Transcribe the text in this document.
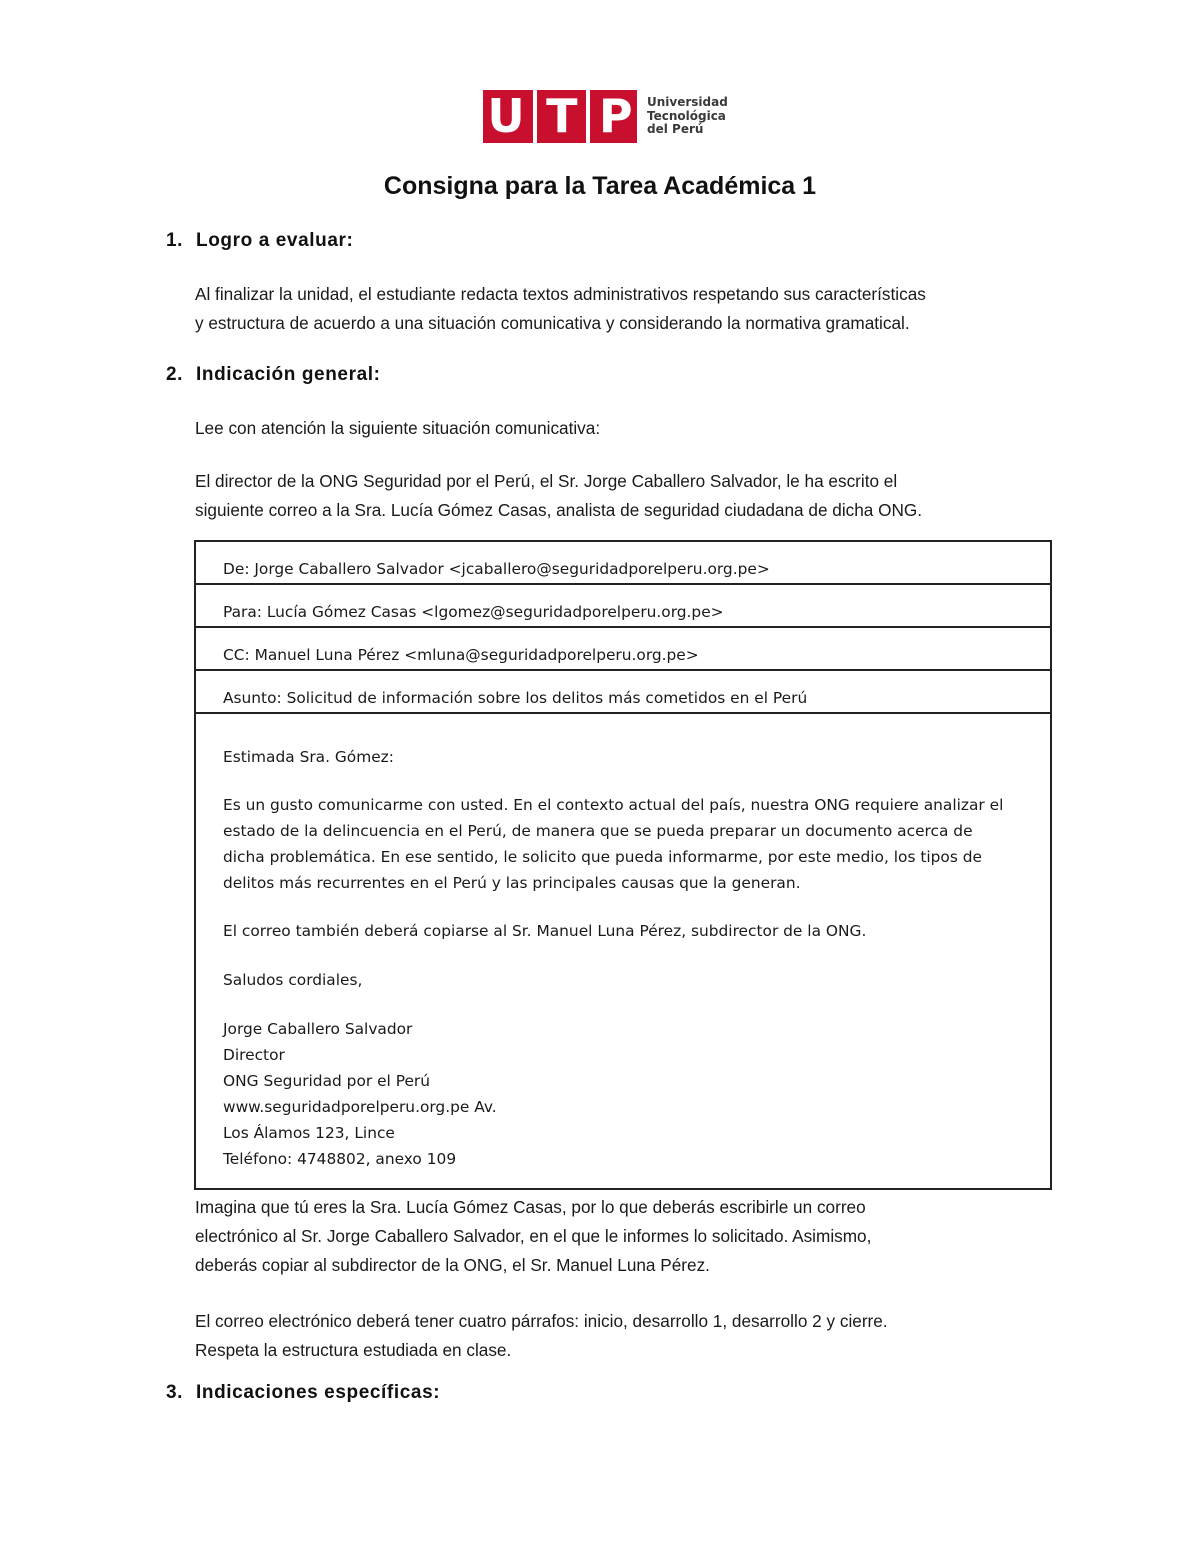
U T P Universidad
Tecnológica
del Perú
Consigna para la Tarea Académica 1
1. Logro a evaluar:
Al finalizar la unidad, el estudiante redacta textos administrativos respetando sus características
y estructura de acuerdo a una situación comunicativa y considerando la normativa gramatical.
2. Indicación general:
Lee con atención la siguiente situación comunicativa:
El director de la ONG Seguridad por el Perú, el Sr. Jorge Caballero Salvador, le ha escrito el
siguiente correo a la Sra. Lucía Gómez Casas, analista de seguridad ciudadana de dicha ONG.
De: Jorge Caballero Salvador <jcaballero@seguridadporelperu.org.pe>
Para: Lucía Gómez Casas <lgomez@seguridadporelperu.org.pe>
CC: Manuel Luna Pérez <mluna@seguridadporelperu.org.pe>
Asunto: Solicitud de información sobre los delitos más cometidos en el Perú

Estimada Sra. Gómez:

Es un gusto comunicarme con usted. En el contexto actual del país, nuestra ONG requiere analizar el

estado de la delincuencia en el Perú, de manera que se pueda preparar un documento acerca de

dicha problemática. En ese sentido, le solicito que pueda informarme, por este medio, los tipos de

delitos más recurrentes en el Perú y las principales causas que la generan.

El correo también deberá copiarse al Sr. Manuel Luna Pérez, subdirector de la ONG.

Saludos cordiales,

Jorge Caballero Salvador

Director

ONG Seguridad por el Perú

www.seguridadporelperu.org.pe Av.

Los Álamos 123, Lince

Teléfono: 4748802, anexo 109

Imagina que tú eres la Sra. Lucía Gómez Casas, por lo que deberás escribirle un correo
electrónico al Sr. Jorge Caballero Salvador, en el que le informes lo solicitado. Asimismo,
deberás copiar al subdirector de la ONG, el Sr. Manuel Luna Pérez.
El correo electrónico deberá tener cuatro párrafos: inicio, desarrollo 1, desarrollo 2 y cierre.
Respeta la estructura estudiada en clase.
3. Indicaciones específicas:
